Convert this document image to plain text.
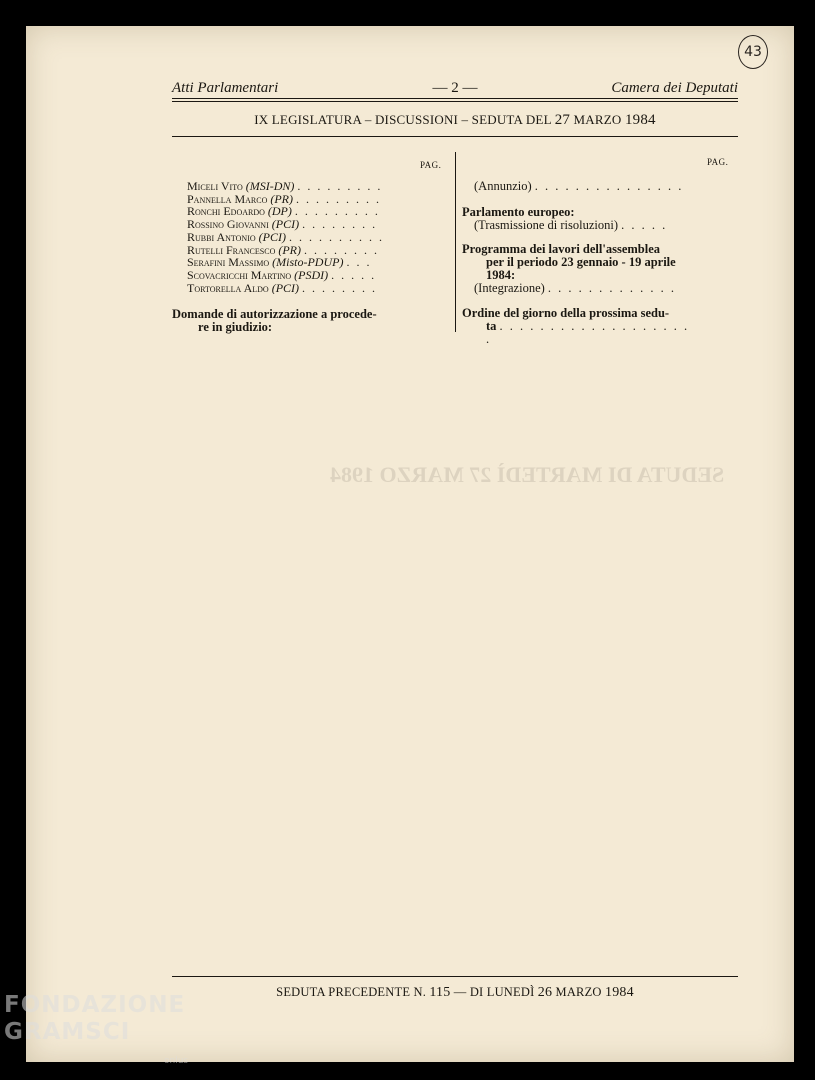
SEDUTA DI MARTEDÌ 27 MARZO 1984
43
Atti Parlamentari	— 2 —	Camera dei Deputati
IX LEGISLATURA – DISCUSSIONI – SEDUTA DEL 27 MARZO 1984
PAG.	PAG.
Miceli Vito (MSI-DN) . . . . . . . . .
Pannella Marco (PR) . . . . . . . . .
Ronchi Edoardo (DP) . . . . . . . . .
Rossino Giovanni (PCI) . . . . . . . .
Rubbi Antonio (PCI) . . . . . . . . . .
Rutelli Francesco (PR) . . . . . . . .
Serafini Massimo (Misto-PDUP) . . .
Scovacricchi Martino (PSDI) . . . . .
Tortorella Aldo (PCI) . . . . . . . .
Domande di autorizzazione a procede-
re in giudizio:
(Annunzio) . . . . . . . . . . . . . . .
Parlamento europeo:
(Trasmissione di risoluzioni) . . . . .
Programma dei lavori dell'assemblea
per il periodo 23 gennaio - 19 aprile
1984:
(Integrazione) . . . . . . . . . . . . .
Ordine del giorno della prossima sedu-
ta . . . . . . . . . . . . . . . . . . . .
SEDUTA PRECEDENTE N. 115 — DI LUNEDÌ 26 MARZO 1984
FONDAZIONE
GRAMSCI
onlus
